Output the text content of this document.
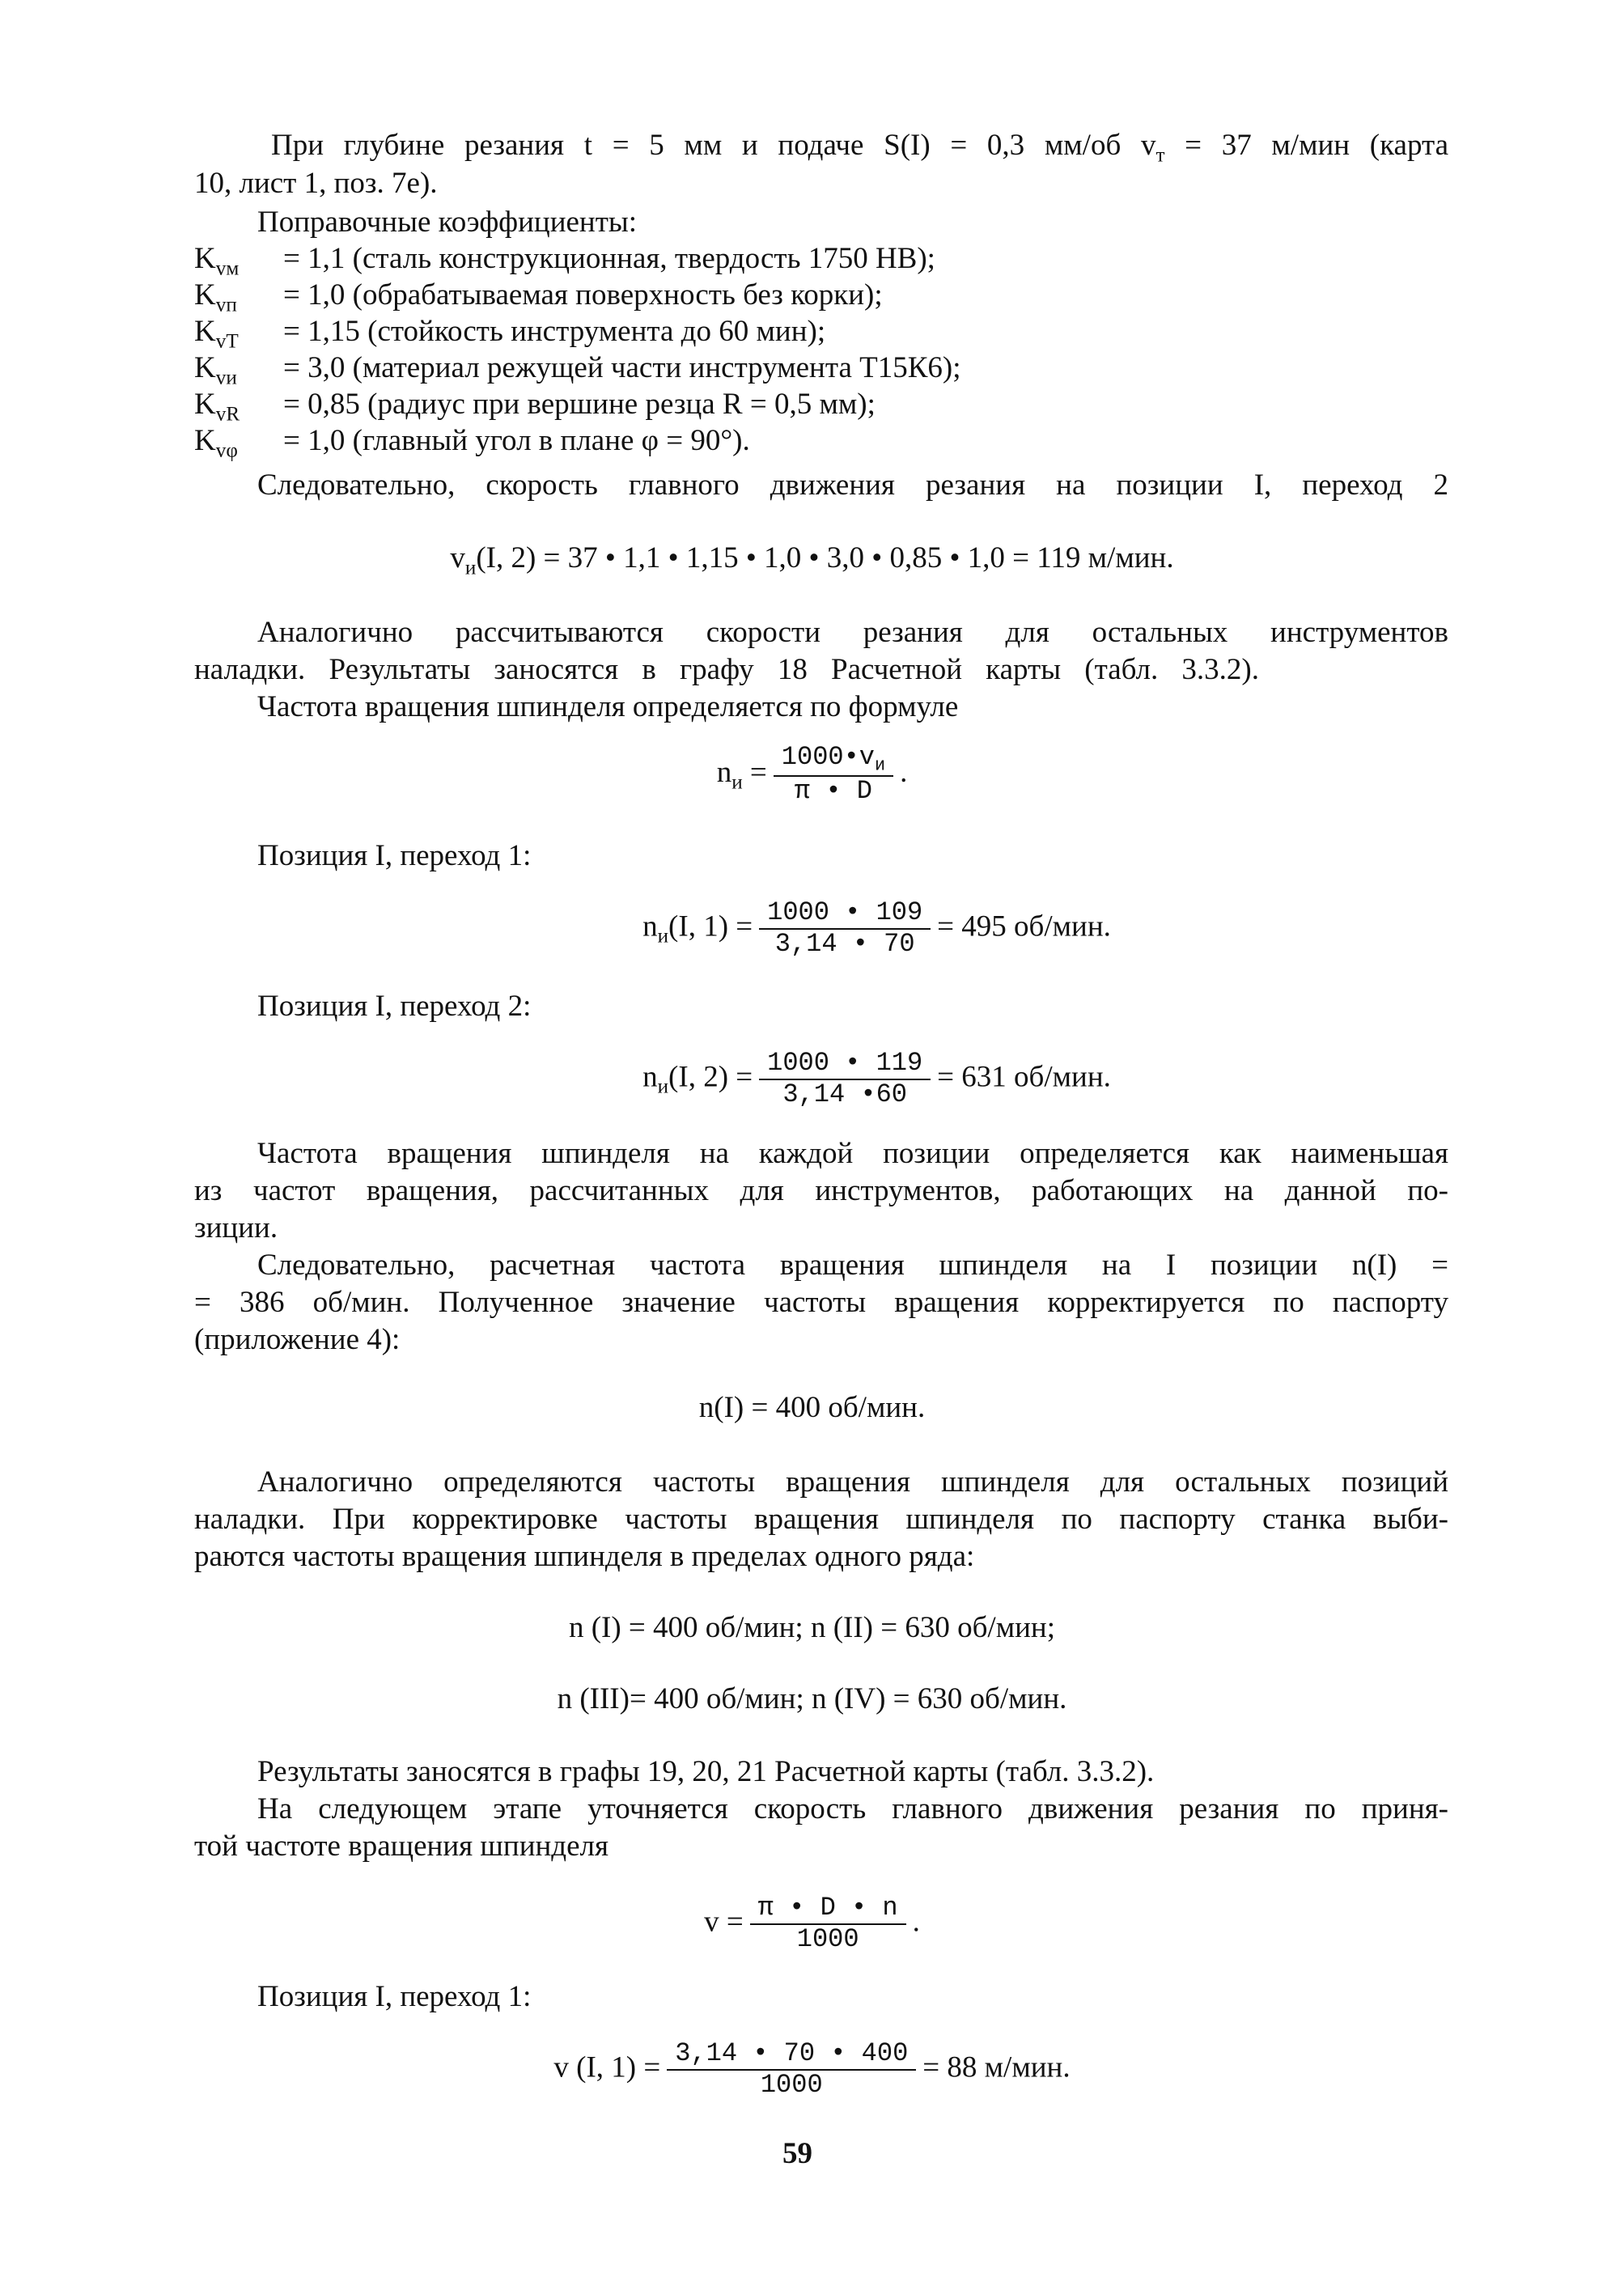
При глубине резания t = 5 мм и подаче S(I) = 0,3 мм/об $v_т = 37$ м/мин (карта
10, лист 1, поз. 7е).
Поправочные коэффициенты:
$K_{vм} = 1,1$ (сталь конструкционная, твердость 1750 HB);
$K_{vп} = 1,0$ (обрабатываемая поверхность без корки);
$K_{vТ} = 1,15$ (стойкость инструмента до 60 мин);
$K_{vи} = 3,0$ (материал режущей части инструмента Т15К6);
$K_{vR} = 0,85$ (радиус при вершине резца R = 0,5 мм);
$K_{v\varphi} = 1,0$ (главный угол в плане φ = 90°).
Следовательно, скорость главного движения резания на позиции I, переход 2
$v_и(I$, 2) = 37 • 1,1 • 1,15 • 1,0 • 3,0 • 0,85 • 1,0 = 119 м/мин.
Аналогично рассчитываются скорости резания для остальных инструментов
наладки. Результаты заносятся в графу 18 Расчетной карты (табл. 3.3.2).
Частота вращения шпинделя определяется по формуле
$n_и = \frac{1000•v_и}{\pi • D}$ .
Позиция I, переход 1:
$n_и(I$, $1) = \frac{1000 • 109}{3,14 • 70} = 495$ об/мин.
Позиция I, переход 2:
$n_и(I$, $2) = \frac{1000 • 119}{3,14 •60} = 631$ об/мин.
Частота вращения шпинделя на каждой позиции определяется как наименьшая
из частот вращения, рассчитанных для инструментов, работающих на данной по-
зиции.
Следовательно, расчетная частота вращения шпинделя на I позиции n(I) =
= 386 об/мин. Полученное значение частоты вращения корректируется по паспорту
(приложение 4):
n(I) = 400 об/мин.
Аналогично определяются частоты вращения шпинделя для остальных позиций
наладки. При корректировке частоты вращения шпинделя по паспорту станка выби-
раются частоты вращения шпинделя в пределах одного ряда:
n (I) = 400 об/мин; n (II) = 630 об/мин;
n (III)= 400 об/мин; n (IV) = 630 об/мин.
Результаты заносятся в графы 19, 20, 21 Расчетной карты (табл. 3.3.2).
На следующем этапе уточняется скорость главного движения резания по приня-
той частоте вращения шпинделя
$v = \frac{\pi • D • n}{1000}$ .
Позиция I, переход 1:
v (I, $1) = \frac{3,14 • 70 • 400}{1000} = 88$ м/мин.
59
